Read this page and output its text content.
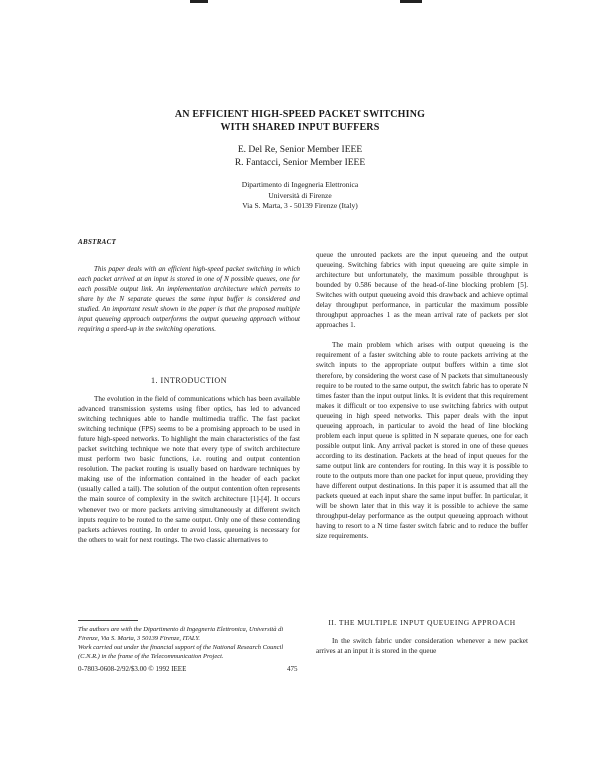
AN EFFICIENT HIGH-SPEED PACKET SWITCHING
WITH SHARED INPUT BUFFERS
E. Del Re, Senior Member IEEE
R. Fantacci, Senior Member IEEE
Dipartimento di Ingegneria Elettronica
Università di Firenze
Via S. Marta, 3 - 50139 Firenze (Italy)
ABSTRACT

This paper deals with an efficient high-speed packet switching in which each packet arrived at an input is stored in one of N possible queues, one for each possible output link. An implementation architecture which permits to share by the N separate queues the same input buffer is considered and studied. An important result shown in the paper is that the proposed multiple input queueing approach outperforms the output queueing approach without requiring a speed-up in the switching operations.

1. INTRODUCTION

The evolution in the field of communications which has been available advanced transmission systems using fiber optics, has led to advanced switching techniques able to handle multimedia traffic. The fast packet switching technique (FPS) seems to be a promising approach to be used in future high-speed networks. To highlight the main characteristics of the fast packet switching technique we note that every type of switch architecture must perform two basic functions, i.e. routing and output contention resolution. The packet routing is usually based on hardware techniques by making use of the information contained in the header of each packet (usually called a tail). The solution of the output contention often represents the main source of complexity in the switch architecture [1]-[4]. It occurs whenever two or more packets arriving simultaneously at different switch inputs require to be routed to the same output. Only one of these contending packets achieves routing. In order to avoid loss, queueing is necessary for the others to wait for next routings. The two classic alternatives to

The authors are with the Dipartimento di Ingegneria Elettronica, Università di Firenze, Via S. Marta, 3 50139 Firenze, ITALY.
Work carried out under the financial support of the National Research Council (C.N.R.) in the frame of the Telecommunication Project.
0-7803-0608-2/92/$3.00 © 1992 IEEE	475

queue the unrouted packets are the input queueing and the output queueing. Switching fabrics with input queueing are quite simple in architecture but unfortunately, the maximum possible throughput is bounded by 0.586 because of the head-of-line blocking problem [5]. Switches with output queueing avoid this drawback and achieve optimal delay throughput performance, in particular the maximum possible throughput approaches 1 as the mean arrival rate of packets per slot approaches 1.

The main problem which arises with output queueing is the requirement of a faster switching able to route packets arriving at the switch inputs to the appropriate output buffers within a time slot therefore, by considering the worst case of N packets that simultaneously require to be routed to the same output, the switch fabric has to operate N times faster than the input output links. It is evident that this requirement makes it difficult or too expensive to use switching fabrics with output queueing in high speed networks. This paper deals with the input queueing approach, in particular to avoid the head of line blocking problem each input queue is splitted in N separate queues, one for each possible output link. Any arrival packet is stored in one of these queues according to its destination. Packets at the head of input queues for the same output link are contenders for routing. In this way it is possible to route to the outputs more than one packet for input queue, providing they have different output destinations. In this paper it is assumed that all the packets queued at each input share the same input buffer. In particular, it will be shown later that in this way it is possible to achieve the same throughput-delay performance as the output queueing approach without having to resort to a N time faster switch fabric and to reduce the buffer size requirements.

II. THE MULTIPLE INPUT QUEUEING APPROACH

In the switch fabric under consideration whenever a new packet arrives at an input it is stored in the queue
